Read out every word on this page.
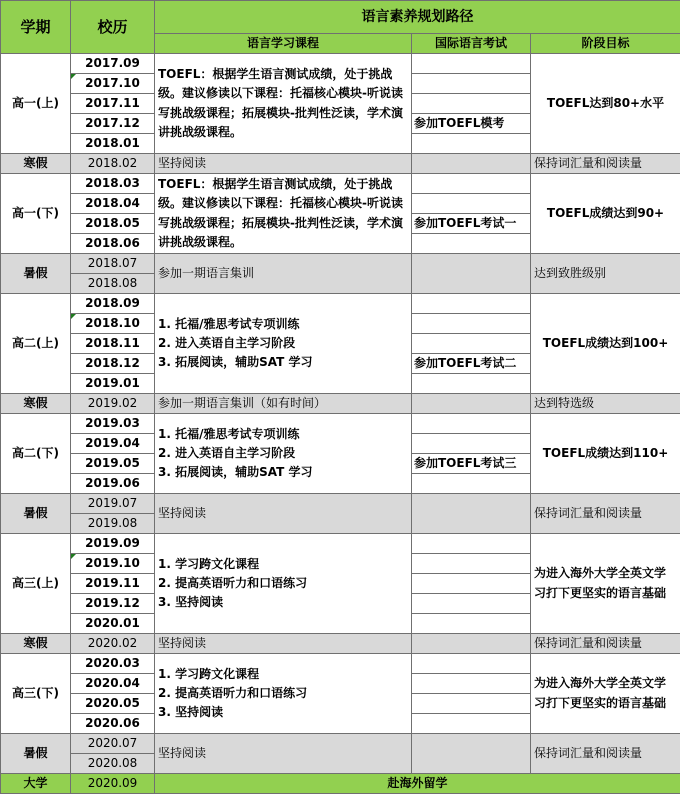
学期	校历	语言素养规划路径		
		语言学习课程	国际语言考试	阶段目标
高一(上)	2017.09	TOEFL：根据学生语言测试成绩，处于挑战级。建议修读以下课程：托福核心模块-听说读写挑战级课程；拓展模块-批判性泛读，学术演讲挑战级课程。		TOEFL达到80+水平
	2017.10			
	2017.11			
	2017.12		参加TOEFL模考	
	2018.01			
寒假	2018.02	坚持阅读		保持词汇量和阅读量
高一(下)	2018.03	TOEFL：根据学生语言测试成绩，处于挑战级。建议修读以下课程：托福核心模块-听说读写挑战级课程；拓展模块-批判性泛读，学术演讲挑战级课程。		TOEFL成绩达到90+
	2018.04			
	2018.05		参加TOEFL考试一	
	2018.06			
暑假	2018.07	参加一期语言集训		达到致胜级别
	2018.08			
高二(上)	2018.09	1. 托福/雅思考试专项训练
2. 进入英语自主学习阶段
3. 拓展阅读，辅助SAT 学习		TOEFL成绩达到100+
	2018.10			
	2018.11			
	2018.12		参加TOEFL考试二	
	2019.01			
寒假	2019.02	参加一期语言集训（如有时间）		达到特选级
高二(下)	2019.03	1. 托福/雅思考试专项训练
2. 进入英语自主学习阶段
3. 拓展阅读，辅助SAT 学习		TOEFL成绩达到110+
	2019.04			
	2019.05		参加TOEFL考试三	
	2019.06			
暑假	2019.07	坚持阅读		保持词汇量和阅读量
	2019.08			
高三(上)	2019.09	1. 学习跨文化课程
2. 提高英语听力和口语练习
3. 坚持阅读		为进入海外大学全英文学习打下更坚实的语言基础
	2019.10			
	2019.11			
	2019.12			
	2020.01			
寒假	2020.02	坚持阅读		保持词汇量和阅读量
高三(下)	2020.03	1. 学习跨文化课程
2. 提高英语听力和口语练习
3. 坚持阅读		为进入海外大学全英文学习打下更坚实的语言基础
	2020.04			
	2020.05			
	2020.06			
暑假	2020.07	坚持阅读		保持词汇量和阅读量
	2020.08			
大学	2020.09	赴海外留学		
